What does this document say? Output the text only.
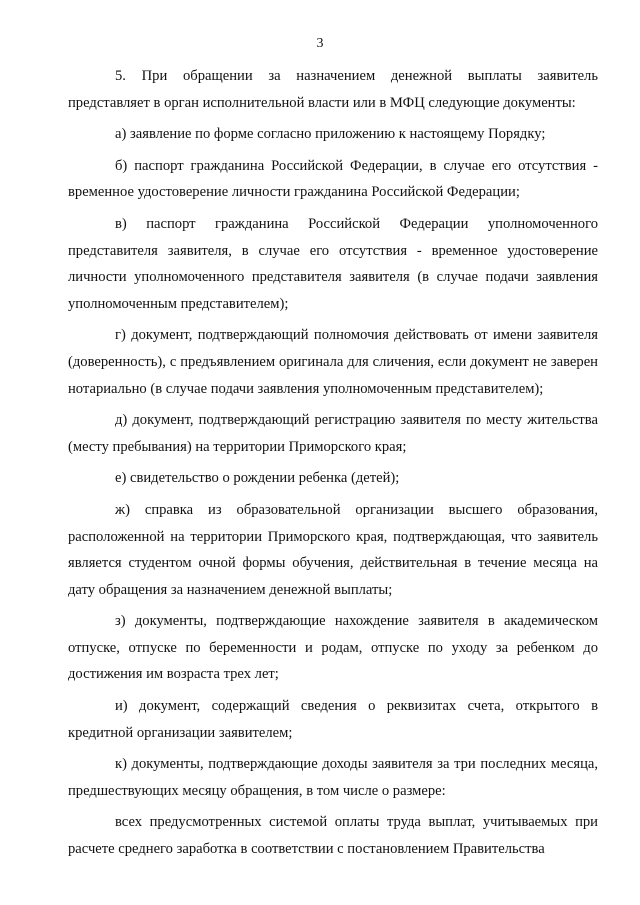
3

5. При обращении за назначением денежной выплаты заявитель представляет в орган исполнительной власти или в МФЦ следующие документы:

а) заявление по форме согласно приложению к настоящему Порядку;

б) паспорт гражданина Российской Федерации, в случае его отсутствия - временное удостоверение личности гражданина Российской Федерации;

в) паспорт гражданина Российской Федерации уполномоченного представителя заявителя, в случае его отсутствия - временное удостоверение личности уполномоченного представителя заявителя (в случае подачи заявления уполномоченным представителем);

г) документ, подтверждающий полномочия действовать от имени заявителя (доверенность), с предъявлением оригинала для сличения, если документ не заверен нотариально (в случае подачи заявления уполномоченным представителем);

д) документ, подтверждающий регистрацию заявителя по месту жительства (месту пребывания) на территории Приморского края;

е) свидетельство о рождении ребенка (детей);

ж) справка из образовательной организации высшего образования, расположенной на территории Приморского края, подтверждающая, что заявитель является студентом очной формы обучения, действительная в течение месяца на дату обращения за назначением денежной выплаты;

з) документы, подтверждающие нахождение заявителя в академическом отпуске, отпуске по беременности и родам, отпуске по уходу за ребенком до достижения им возраста трех лет;

и) документ, содержащий сведения о реквизитах счета, открытого в кредитной организации заявителем;

к) документы, подтверждающие доходы заявителя за три последних месяца, предшествующих месяцу обращения, в том числе о размере:

всех предусмотренных системой оплаты труда выплат, учитываемых при расчете среднего заработка в соответствии с постановлением Правительства
